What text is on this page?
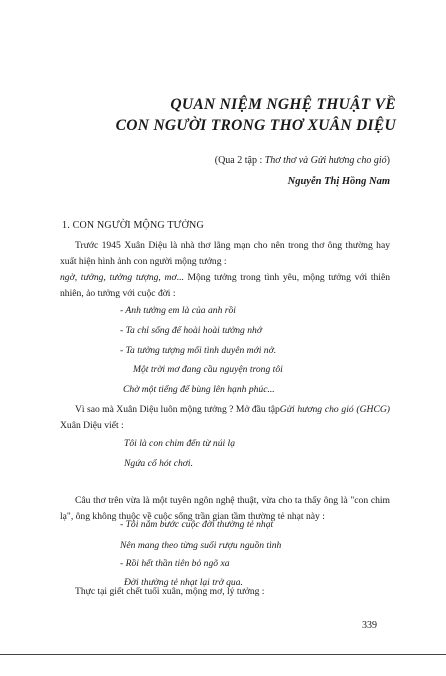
QUAN NIỆM NGHỆ THUẬT VỀ
CON NGƯỜI TRONG THƠ XUÂN DIỆU
(Qua 2 tập : Thơ thơ và Gửi hương cho gió)
Nguyễn Thị Hồng Nam
1. CON NGƯỜI MỘNG TƯỞNG

Trước 1945 Xuân Diệu là nhà thơ lãng mạn cho nên trong thơ ông thường hay xuất hiện hình ảnh con người mộng tưởng :ngờ, tưởng, tưởng tượng, mơ... Mộng tưởng trong tình yêu, mộng tưởng với thiên nhiên, ảo tưởng với cuộc đời :

- Anh tưởng em là của anh rồi
- Ta chỉ sống để hoài hoài tưởng nhớ
- Ta tưởng tượng mối tình duyên mới nở.
Một trời mơ đang cầu nguyện trong tôi
Chờ một tiếng để bùng lên hạnh phúc...

Vì sao mà Xuân Diệu luôn mộng tưởng ? Mở đầu tậpGửi hương cho gió (GHCG) Xuân Diệu viết :

Tôi là con chim đến từ núi lạ
Ngứa cổ hót chơi.

Câu thơ trên vừa là một tuyên ngôn nghệ thuật, vừa cho ta thấy ông là "con chim lạ", ông không thuộc về cuộc sống trần gian tầm thường tẻ nhạt này :

- Tôi nắm bước cuộc đời thường tẻ nhạt
Nên mang theo từng suối rượu nguồn tình
- Rồi hết thần tiên bỏ ngõ xa
Đời thường tẻ nhạt lại trở qua.

Thực tại giết chết tuổi xuân, mộng mơ, lý tưởng :

339
